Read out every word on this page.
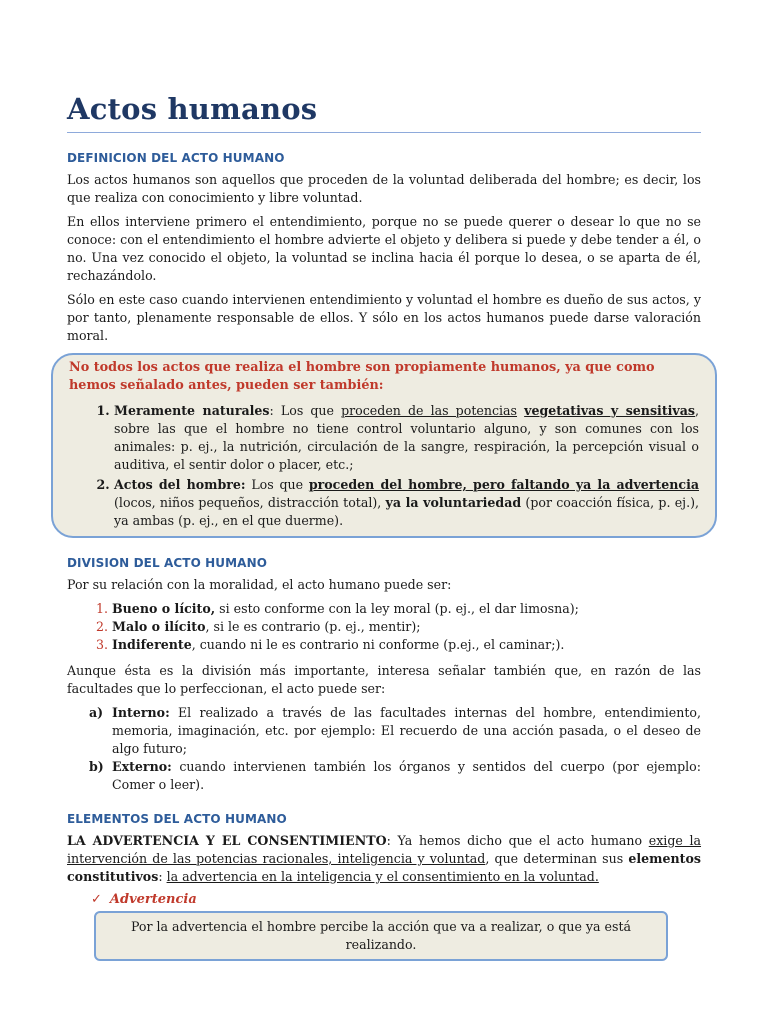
Actos humanos
DEFINICION DEL ACTO HUMANO

Los actos humanos son aquellos que proceden de la voluntad deliberada del hombre; es decir, los que realiza con conocimiento y libre voluntad.

En ellos interviene primero el entendimiento, porque no se puede querer o desear lo que no se conoce: con el entendimiento el hombre advierte el objeto y delibera si puede y debe tender a él, o no. Una vez conocido el objeto, la voluntad se inclina hacia él porque lo desea, o se aparta de él, rechazándolo.

Sólo en este caso cuando intervienen entendimiento y voluntad el hombre es dueño de sus actos, y por tanto, plenamente responsable de ellos. Y sólo en los actos humanos puede darse valoración moral.

No todos los actos que realiza el hombre son propiamente humanos, ya que como hemos señalado antes, pueden ser también:
1. Meramente naturales: Los que proceden de las potencias vegetativas y sensitivas, sobre las que el hombre no tiene control voluntario alguno, y son comunes con los animales: p. ej., la nutrición, circulación de la sangre, respiración, la percepción visual o auditiva, el sentir dolor o placer, etc.;
2. Actos del hombre: Los que proceden del hombre, pero faltando ya la advertencia (locos, niños pequeños, distracción total), ya la voluntariedad (por coacción física, p. ej.), ya ambas (p. ej., en el que duerme).
DIVISION DEL ACTO HUMANO

Por su relación con la moralidad, el acto humano puede ser:

1. Bueno o lícito, si esto conforme con la ley moral (p. ej., el dar limosna);
2. Malo o ilícito, si le es contrario (p. ej., mentir);
3. Indiferente, cuando ni le es contrario ni conforme (p.ej., el caminar;).

Aunque ésta es la división más importante, interesa señalar también que, en razón de las facultades que lo perfeccionan, el acto puede ser:

a) Interno: El realizado a través de las facultades internas del hombre, entendimiento, memoria, imaginación, etc. por ejemplo: El recuerdo de una acción pasada, o el deseo de algo futuro;
b) Externo: cuando intervienen también los órganos y sentidos del cuerpo (por ejemplo: Comer o leer).
ELEMENTOS DEL ACTO HUMANO

LA ADVERTENCIA Y EL CONSENTIMIENTO: Ya hemos dicho que el acto humano exige la intervención de las potencias racionales, inteligencia y voluntad, que determinan sus elementos constitutivos: la advertencia en la inteligencia y el consentimiento en la voluntad.

✓ Advertencia
Por la advertencia el hombre percibe la acción que va a realizar, o que ya está realizando.
